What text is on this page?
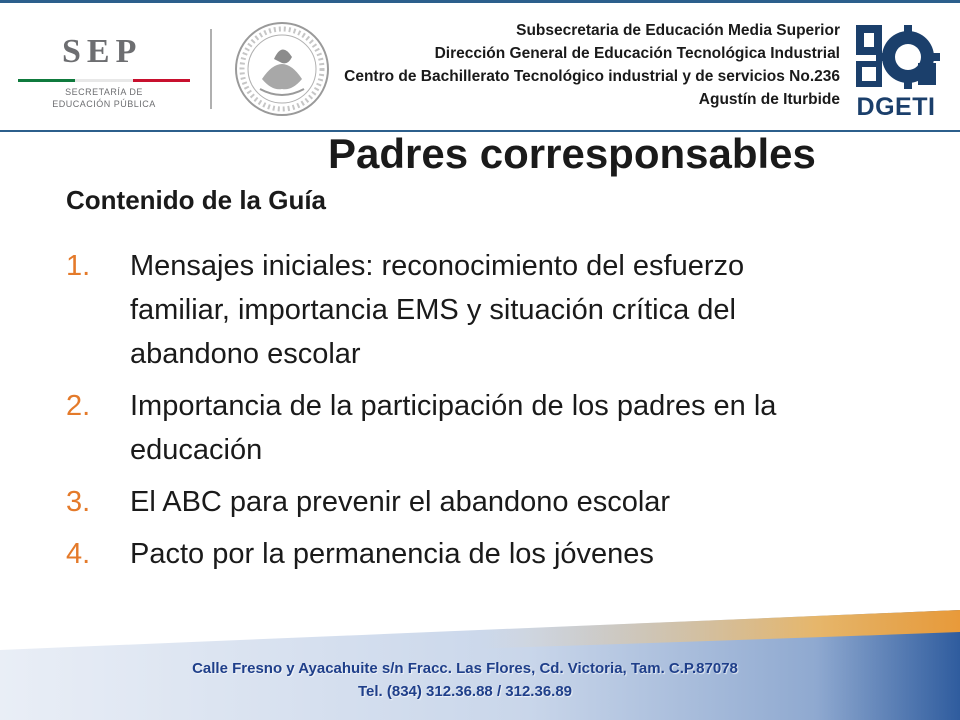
SEP
SECRETARÍA DE
EDUCACIÓN PÚBLICA
Subsecretaria de Educación Media Superior
Dirección General de Educación Tecnológica Industrial
Centro de Bachillerato Tecnológico industrial y de servicios No.236
Agustín de Iturbide DGETI
Padres corresponsables
Contenido de la Guía
1.	Mensajes iniciales: reconocimiento del esfuerzo familiar, importancia EMS y situación crítica del abandono escolar
2.	Importancia de la participación de los padres en la educación
3.	El ABC para prevenir el abandono escolar
4.	Pacto por la permanencia de los jóvenes
Calle Fresno y Ayacahuite s/n Fracc. Las Flores, Cd. Victoria, Tam. C.P.87078
Tel. (834) 312.36.88 / 312.36.89
